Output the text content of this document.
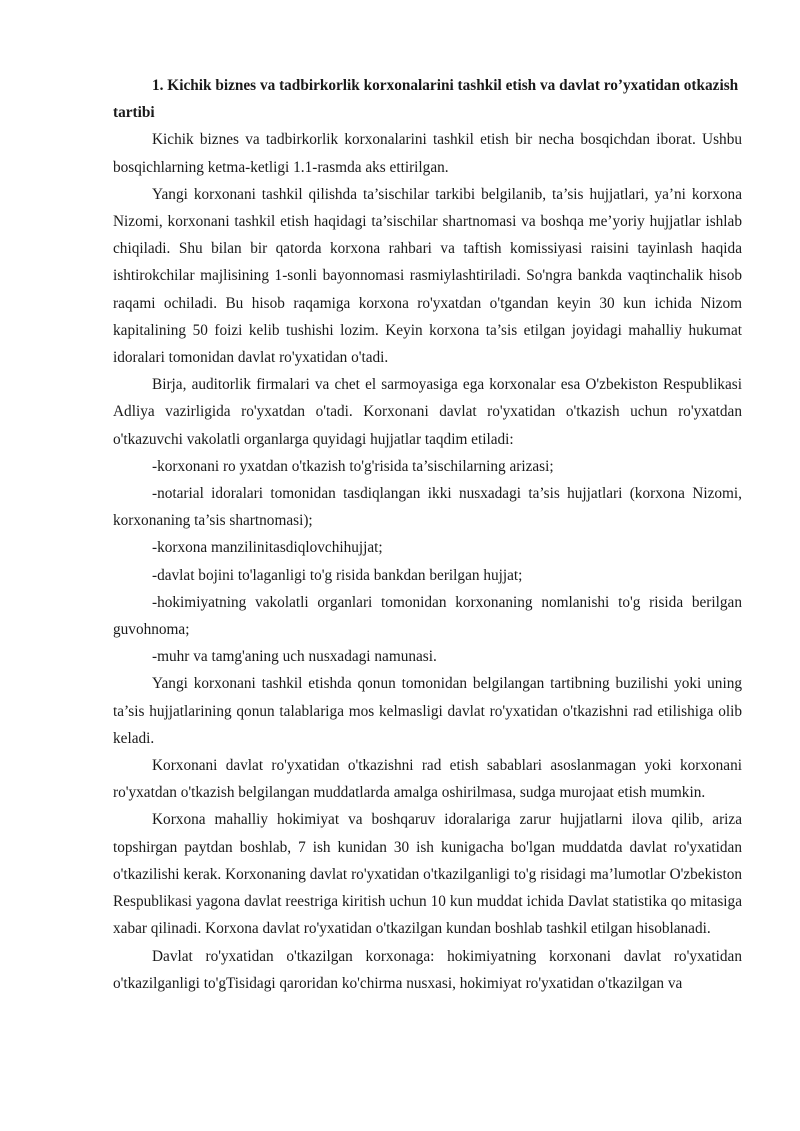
1. Kichik biznes va tadbirkorlik korxonalarini tashkil etish va davlat ro’yxatidan otkazish tartibi

Kichik biznes va tadbirkorlik korxonalarini tashkil etish bir necha bosqichdan iborat. Ushbu bosqichlarning ketma-ketligi 1.1-rasmda aks ettirilgan.

Yangi korxonani tashkil qilishda ta’sischilar tarkibi belgilanib, ta’sis hujjatlari, ya’ni korxona Nizomi, korxonani tashkil etish haqidagi ta’sischilar shartnomasi va boshqa me’yoriy hujjatlar ishlab chiqiladi. Shu bilan bir qatorda korxona rahbari va taftish komissiyasi raisini tayinlash haqida ishtirokchilar majlisining 1-sonli bayonnomasi rasmiylashtiriladi. So'ngra bankda vaqtinchalik hisob raqami ochiladi. Bu hisob raqamiga korxona ro'yxatdan o'tgandan keyin 30 kun ichida Nizom kapitalining 50 foizi kelib tushishi lozim. Keyin korxona ta’sis etilgan joyidagi mahalliy hukumat idoralari tomonidan davlat ro'yxatidan o'tadi.

Birja, auditorlik firmalari va chet el sarmoyasiga ega korxonalar esa O'zbekiston Respublikasi Adliya vazirligida ro'yxatdan o'tadi. Korxonani davlat ro'yxatidan o'tkazish uchun ro'yxatdan o'tkazuvchi vakolatli organlarga quyidagi hujjatlar taqdim etiladi:

-korxonani ro yxatdan o'tkazish to'g'risida ta’sischilarning arizasi;

-notarial idoralari tomonidan tasdiqlangan ikki nusxadagi ta’sis hujjatlari (korxona Nizomi, korxonaning ta’sis shartnomasi);

-korxona manzilinitasdiqlovchihujjat;

-davlat bojini to'laganligi to'g risida bankdan berilgan hujjat;

-hokimiyatning vakolatli organlari tomonidan korxonaning nomlanishi to'g risida berilgan guvohnoma;

-muhr va tamg'aning uch nusxadagi namunasi.

Yangi korxonani tashkil etishda qonun tomonidan belgilangan tartibning buzilishi yoki uning ta’sis hujjatlarining qonun talablariga mos kelmasligi davlat ro'yxatidan o'tkazishni rad etilishiga olib keladi.

Korxonani davlat ro'yxatidan o'tkazishni rad etish sabablari asoslanmagan yoki korxonani ro'yxatdan o'tkazish belgilangan muddatlarda amalga oshirilmasa, sudga murojaat etish mumkin.

Korxona mahalliy hokimiyat va boshqaruv idoralariga zarur hujjatlarni ilova qilib, ariza topshirgan paytdan boshlab, 7 ish kunidan 30 ish kunigacha bo'lgan muddatda davlat ro'yxatidan o'tkazilishi kerak. Korxonaning davlat ro'yxatidan o'tkazilganligi to'g risidagi ma’lumotlar O'zbekiston Respublikasi yagona davlat reestriga kiritish uchun 10 kun muddat ichida Davlat statistika qo mitasiga xabar qilinadi. Korxona davlat ro'yxatidan o'tkazilgan kundan boshlab tashkil etilgan hisoblanadi.

Davlat ro'yxatidan o'tkazilgan korxonaga: hokimiyatning korxonani davlat ro'yxatidan o'tkazilganligi to'gTisidagi qaroridan ko'chirma nusxasi, hokimiyat ro'yxatidan o'tkazilgan va
